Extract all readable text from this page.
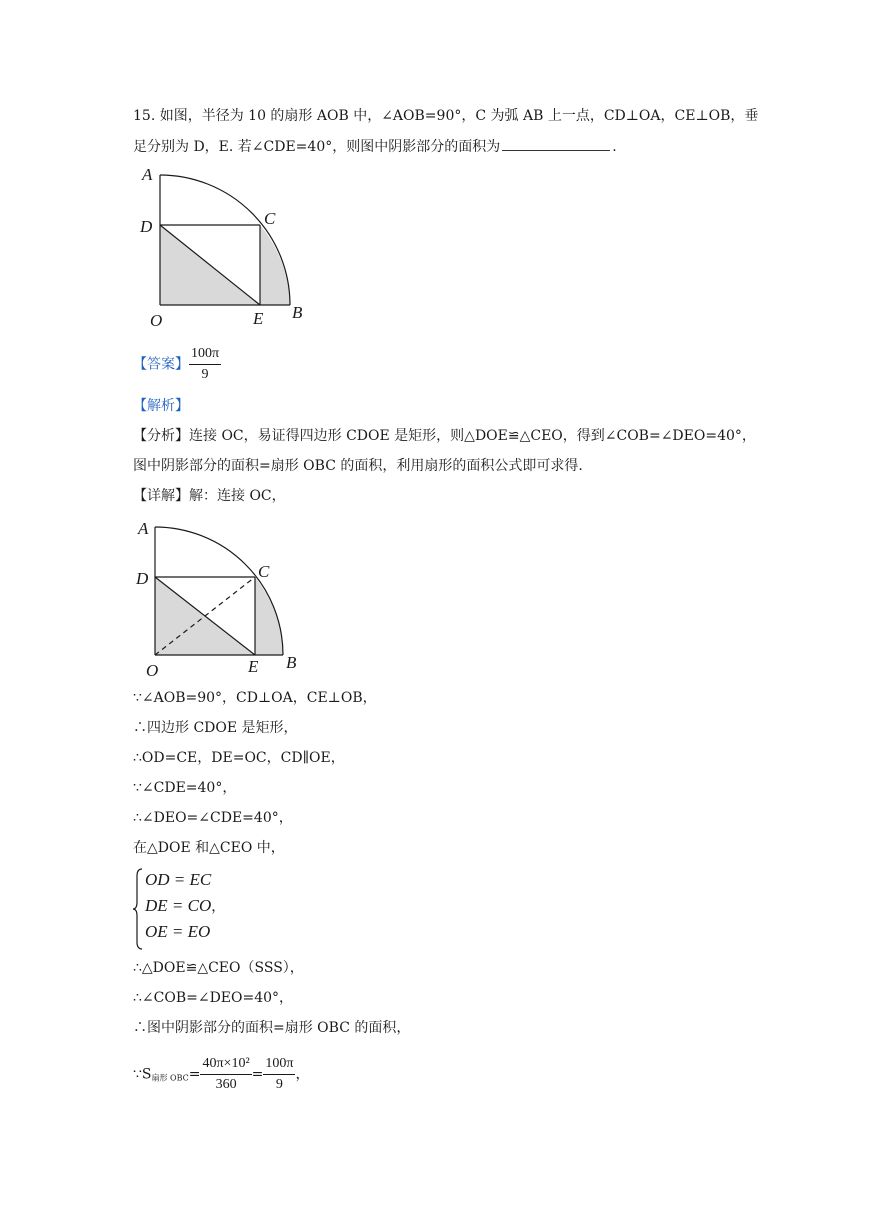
15. 如图，半径为 10 的扇形 AOB 中，∠AOB=90°，C 为弧 AB 上一点，CD⊥OA，CE⊥OB，垂
足分别为 D，E. 若∠CDE=40°，则图中阴影部分的面积为	.
A
D	C
O	E B
【答案】 $\frac{100\pi}{9}$
【解析】
【分析】连接 OC，易证得四边形 CDOE 是矩形，则△DOE≌△CEO，得到∠COB=∠DEO=40°，
图中阴影部分的面积=扇形 OBC 的面积，利用扇形的面积公式即可求得.
【详解】解：连接 OC，
A
D	C
O	E B
∵∠AOB=90°，CD⊥OA，CE⊥OB，
∴四边形 CDOE 是矩形，
∴OD=CE，DE=OC，CD∥OE，
∵∠CDE=40°，
∴∠DEO=∠CDE=40°，
在△DOE 和△CEO 中，
OD = EC
DE = CO，
OE = EO
∴△DOE≌△CEO（SSS），
∴∠COB=∠DEO=40°，
∴图中阴影部分的面积=扇形 OBC 的面积，
$\because S_{扇形 OBC}= \frac{\text{40π×10²}}{360} = \frac{100\pi}{9}$ ，
